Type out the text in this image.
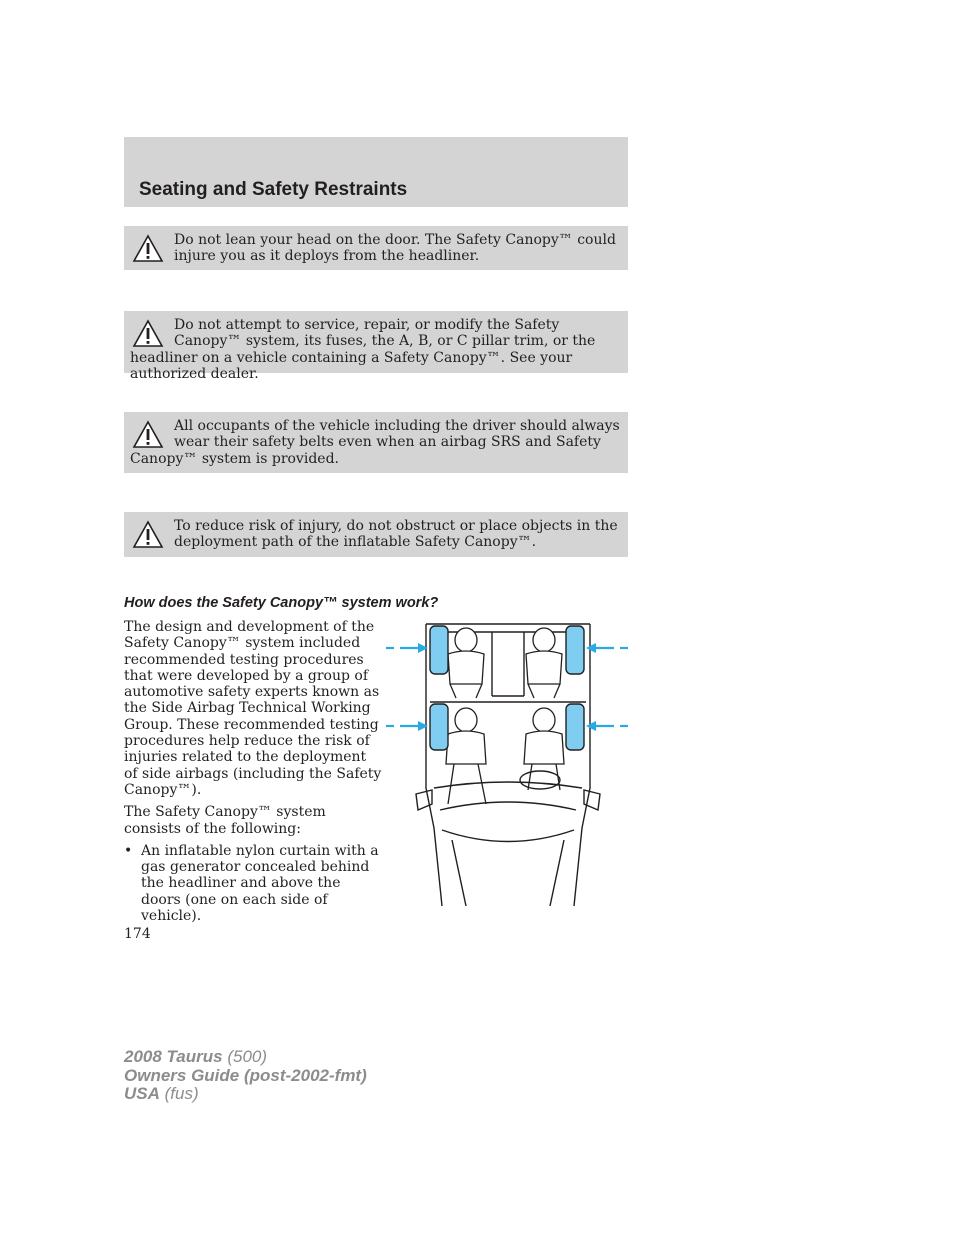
Seating and Safety Restraints

Do not lean your head on the door. The Safety Canopy™ could injure you as it deploys from the headliner.

Do not attempt to service, repair, or modify the Safety Canopy™ system, its fuses, the A, B, or C pillar trim, or the headliner on a vehicle containing a Safety Canopy™. See your authorized dealer.

All occupants of the vehicle including the driver should always wear their safety belts even when an airbag SRS and Safety Canopy™ system is provided.

To reduce risk of injury, do not obstruct or place objects in the deployment path of the inflatable Safety Canopy™.

How does the Safety Canopy™ system work?

The design and development of the Safety Canopy™ system included recommended testing procedures that were developed by a group of automotive safety experts known as the Side Airbag Technical Working Group. These recommended testing procedures help reduce the risk of injuries related to the deployment of side airbags (including the Safety Canopy™).

The Safety Canopy™ system consists of the following:

• An inflatable nylon curtain with a gas generator concealed behind the headliner and above the doors (one on each side of vehicle).
174
2008 Taurus (500)
Owners Guide (post-2002-fmt)
USA (fus)
